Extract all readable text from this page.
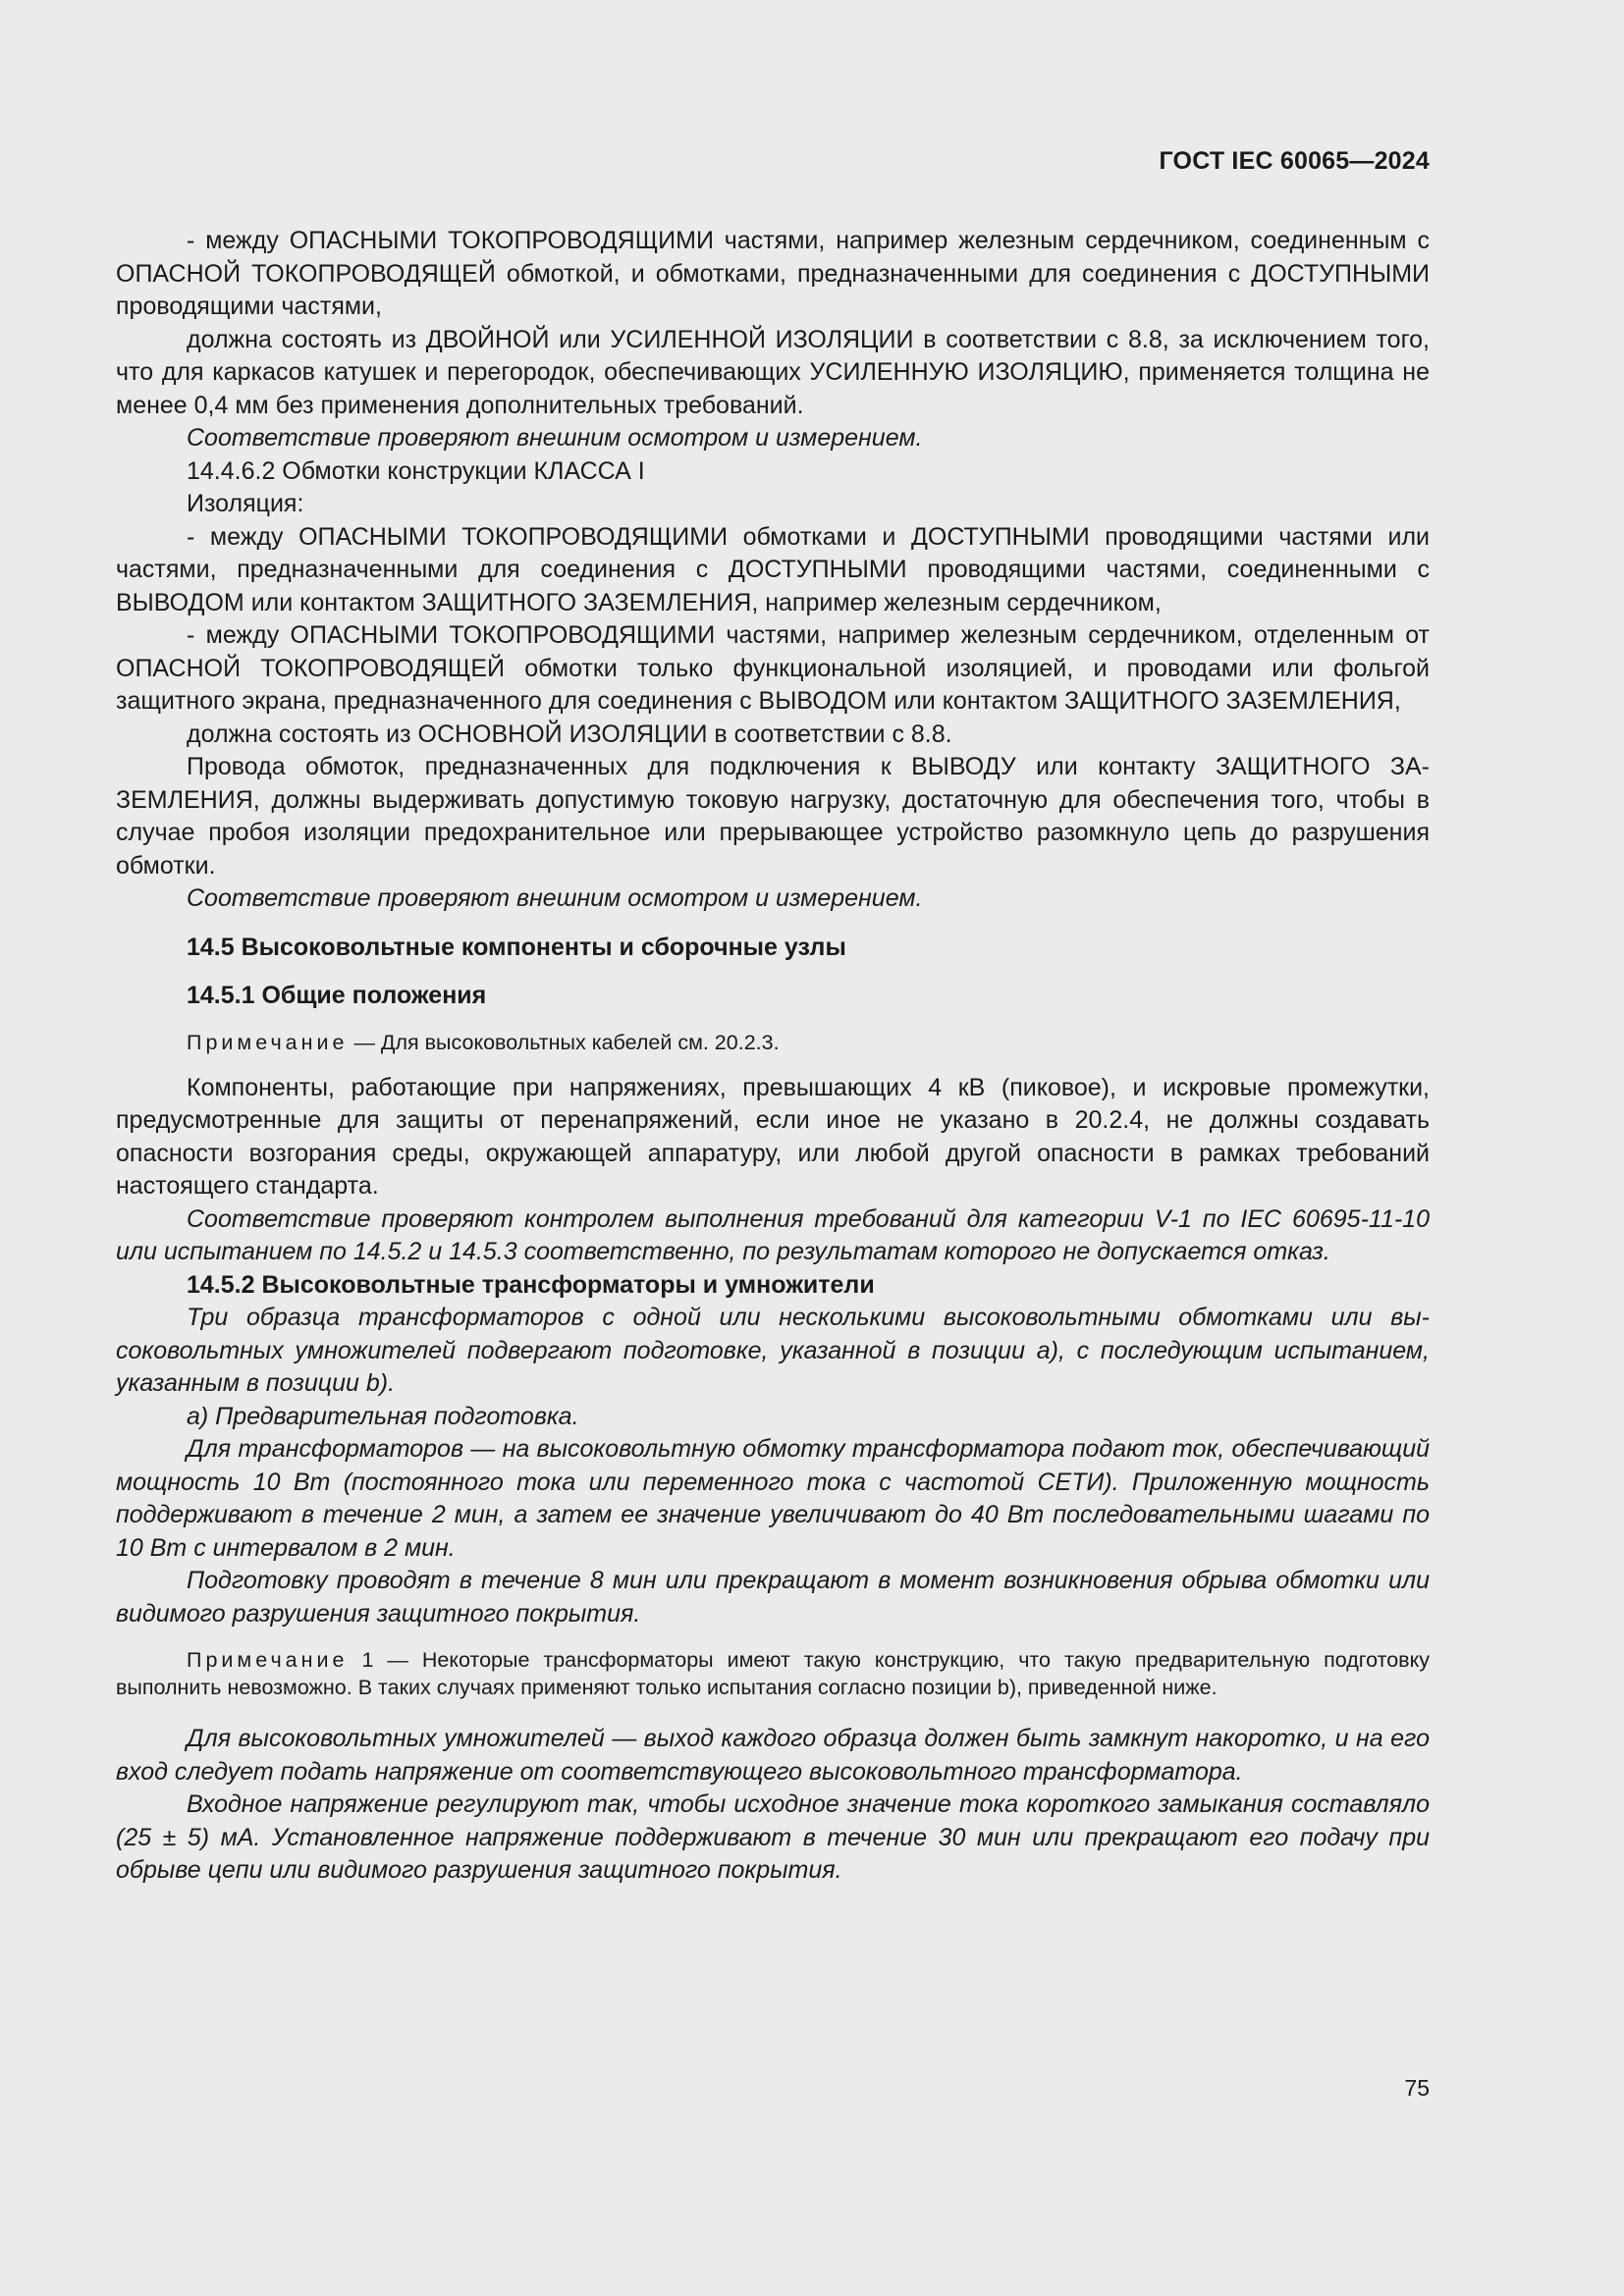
ГОСТ IEC 60065—2024

- между ОПАСНЫМИ ТОКОПРОВОДЯЩИМИ частями, например железным сердечником, соединенным с ОПАСНОЙ ТОКОПРОВОДЯЩЕЙ обмоткой, и обмотками, предназначенными для соединения с ДОСТУПНЫМИ проводящими частями,

должна состоять из ДВОЙНОЙ или УСИЛЕННОЙ ИЗОЛЯЦИИ в соответствии с 8.8, за исключением того, что для каркасов катушек и перегородок, обеспечивающих УСИЛЕННУЮ ИЗОЛЯЦИЮ, применяется толщина не менее 0,4 мм без применения дополнительных требований.

Соответствие проверяют внешним осмотром и измерением.

14.4.6.2 Обмотки конструкции КЛАССА I

Изоляция:

- между ОПАСНЫМИ ТОКОПРОВОДЯЩИМИ обмотками и ДОСТУПНЫМИ проводящими частями или частями, предназначенными для соединения с ДОСТУПНЫМИ проводящими частями, соединенными с ВЫВОДОМ или контактом ЗАЩИТНОГО ЗАЗЕМЛЕНИЯ, например железным сердечником,

- между ОПАСНЫМИ ТОКОПРОВОДЯЩИМИ частями, например железным сердечником, отделенным от ОПАСНОЙ ТОКОПРОВОДЯЩЕЙ обмотки только функциональной изоляцией, и проводами или фольгой защитного экрана, предназначенного для соединения с ВЫВОДОМ или контактом ЗАЩИТНОГО ЗАЗЕМЛЕНИЯ,

должна состоять из ОСНОВНОЙ ИЗОЛЯЦИИ в соответствии с 8.8.

Провода обмоток, предназначенных для подключения к ВЫВОДУ или контакту ЗАЩИТНОГО ЗАЗЕМЛЕНИЯ, должны выдерживать допустимую токовую нагрузку, достаточную для обеспечения того, чтобы в случае пробоя изоляции предохранительное или прерывающее устройство разомкнуло цепь до разрушения обмотки.

Соответствие проверяют внешним осмотром и измерением.

14.5 Высоковольтные компоненты и сборочные узлы

14.5.1 Общие положения

Примечание — Для высоковольтных кабелей см. 20.2.3.

Компоненты, работающие при напряжениях, превышающих 4 кВ (пиковое), и искровые промежутки, предусмотренные для защиты от перенапряжений, если иное не указано в 20.2.4, не должны создавать опасности возгорания среды, окружающей аппаратуру, или любой другой опасности в рамках требований настоящего стандарта.

Соответствие проверяют контролем выполнения требований для категории V-1 по IEC 60695-11-10 или испытанием по 14.5.2 и 14.5.3 соответственно, по результатам которого не допускается отказ.

14.5.2 Высоковольтные трансформаторы и умножители

Три образца трансформаторов с одной или несколькими высоковольтными обмотками или высоковольтных умножителей подвергают подготовке, указанной в позиции а), с последующим испытанием, указанным в позиции b).

а) Предварительная подготовка.

Для трансформаторов — на высоковольтную обмотку трансформатора подают ток, обеспечивающий мощность 10 Вт (постоянного тока или переменного тока с частотой СЕТИ). Приложенную мощность поддерживают в течение 2 мин, а затем ее значение увеличивают до 40 Вт последовательными шагами по 10 Вт с интервалом в 2 мин.

Подготовку проводят в течение 8 мин или прекращают в момент возникновения обрыва обмотки или видимого разрушения защитного покрытия.

Примечание 1 — Некоторые трансформаторы имеют такую конструкцию, что такую предварительную подготовку выполнить невозможно. В таких случаях применяют только испытания согласно позиции b), приведенной ниже.

Для высоковольтных умножителей — выход каждого образца должен быть замкнут накоротко, и на его вход следует подать напряжение от соответствующего высоковольтного трансформатора.

Входное напряжение регулируют так, чтобы исходное значение тока короткого замыкания составляло (25 ± 5) мА. Установленное напряжение поддерживают в течение 30 мин или прекращают его подачу при обрыве цепи или видимого разрушения защитного покрытия.

75
